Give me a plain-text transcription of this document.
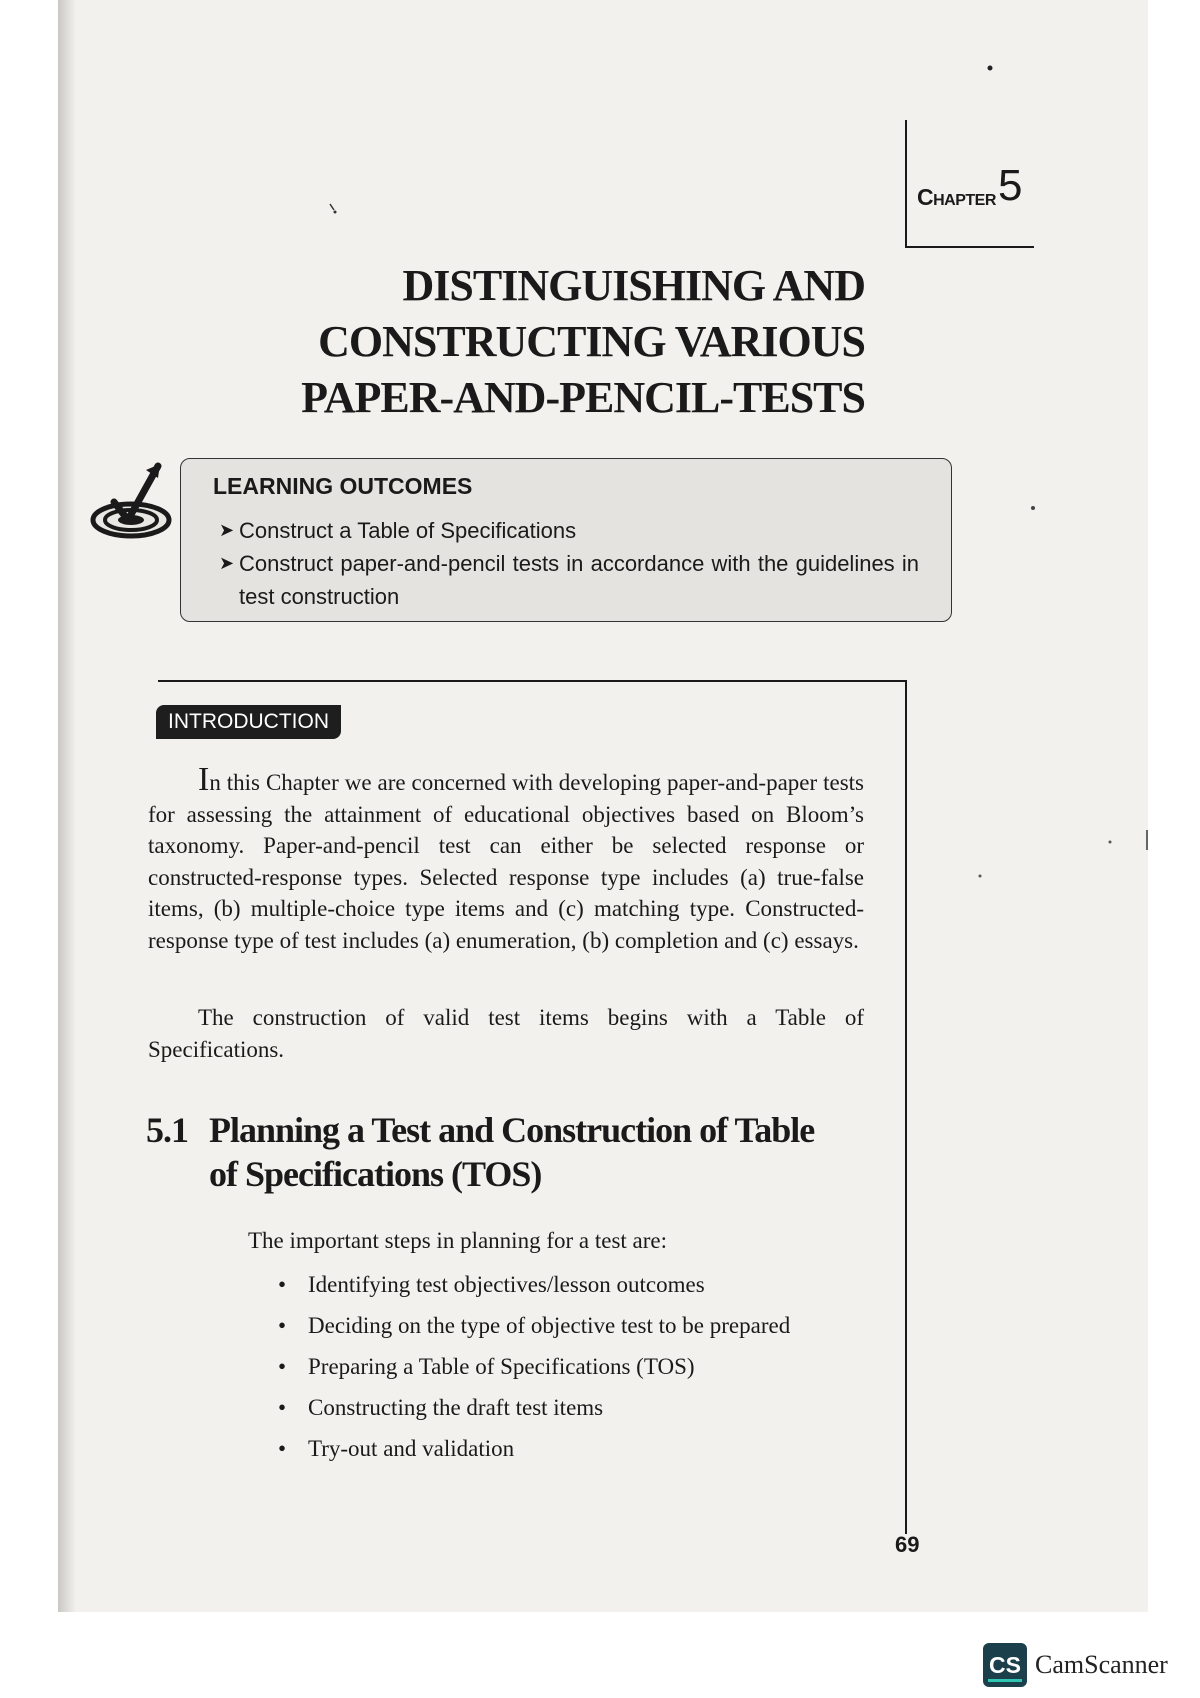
Chapter 5
DISTINGUISHING AND
CONSTRUCTING VARIOUS
PAPER-AND-PENCIL-TESTS
LEARNING OUTCOMES
➤ Construct a Table of Specifications
➤ Construct paper-and-pencil tests in accordance with the guidelines in test construction
INTRODUCTION
In this Chapter we are concerned with developing paper-and-paper tests for assessing the attainment of educational objectives based on Bloom’s taxonomy. Paper-and-pencil test can either be selected response or constructed-response types. Selected response type includes (a) true-false items, (b) multiple-choice type items and (c) matching type. Constructed-response type of test includes (a) enumeration, (b) completion and (c) essays.
The construction of valid test items begins with a Table of Specifications.
5.1 Planning a Test and Construction of Table of Specifications (TOS)
The important steps in planning for a test are:
• Identifying test objectives/lesson outcomes
• Deciding on the type of objective test to be prepared
• Preparing a Table of Specifications (TOS)
• Constructing the draft test items
• Try-out and validation
69
CS CamScanner
